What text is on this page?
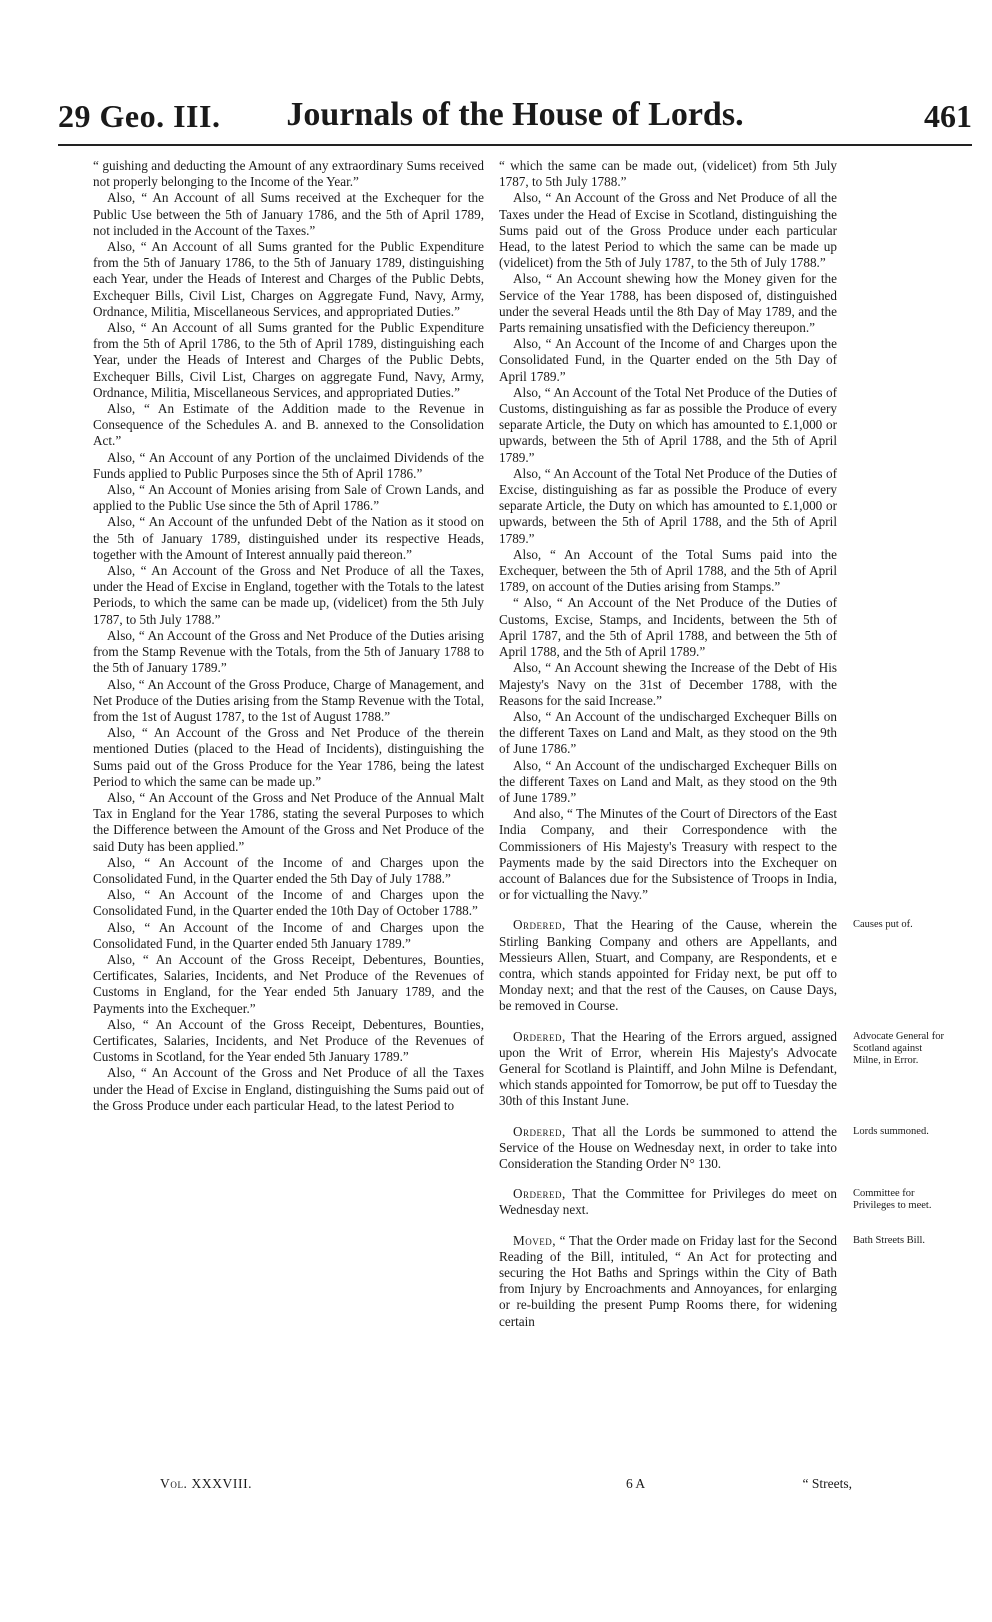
29 Geo. III.	Journals of the House of Lords.	461

“ guishing and deducting the Amount of any extraordinary Sums received not properly belonging to the Income of the Year.”

Also, “ An Account of all Sums received at the Exchequer for the Public Use between the 5th of January 1786, and the 5th of April 1789, not included in the Account of the Taxes.”

Also, “ An Account of all Sums granted for the Public Expenditure from the 5th of January 1786, to the 5th of January 1789, distinguishing each Year, under the Heads of Interest and Charges of the Public Debts, Exchequer Bills, Civil List, Charges on Aggregate Fund, Navy, Army, Ordnance, Militia, Miscellaneous Services, and appropriated Duties.”

Also, “ An Account of all Sums granted for the Public Expenditure from the 5th of April 1786, to the 5th of April 1789, distinguishing each Year, under the Heads of Interest and Charges of the Public Debts, Exchequer Bills, Civil List, Charges on aggregate Fund, Navy, Army, Ordnance, Militia, Miscellaneous Services, and appropriated Duties.”

Also, “ An Estimate of the Addition made to the Revenue in Consequence of the Schedules A. and B. annexed to the Consolidation Act.”

Also, “ An Account of any Portion of the unclaimed Dividends of the Funds applied to Public Purposes since the 5th of April 1786.”

Also, “ An Account of Monies arising from Sale of Crown Lands, and applied to the Public Use since the 5th of April 1786.”

Also, “ An Account of the unfunded Debt of the Nation as it stood on the 5th of January 1789, distinguished under its respective Heads, together with the Amount of Interest annually paid thereon.”

Also, “ An Account of the Gross and Net Produce of all the Taxes, under the Head of Excise in England, together with the Totals to the latest Periods, to which the same can be made up, (videlicet) from the 5th July 1787, to 5th July 1788.”

Also, “ An Account of the Gross and Net Produce of the Duties arising from the Stamp Revenue with the Totals, from the 5th of January 1788 to the 5th of January 1789.”

Also, “ An Account of the Gross Produce, Charge of Management, and Net Produce of the Duties arising from the Stamp Revenue with the Total, from the 1st of August 1787, to the 1st of August 1788.”

Also, “ An Account of the Gross and Net Produce of the therein mentioned Duties (placed to the Head of Incidents), distinguishing the Sums paid out of the Gross Produce for the Year 1786, being the latest Period to which the same can be made up.”

Also, “ An Account of the Gross and Net Produce of the Annual Malt Tax in England for the Year 1786, stating the several Purposes to which the Difference between the Amount of the Gross and Net Produce of the said Duty has been applied.”

Also, “ An Account of the Income of and Charges upon the Consolidated Fund, in the Quarter ended the 5th Day of July 1788.”

Also, “ An Account of the Income of and Charges upon the Consolidated Fund, in the Quarter ended the 10th Day of October 1788.”

Also, “ An Account of the Income of and Charges upon the Consolidated Fund, in the Quarter ended 5th January 1789.”

Also, “ An Account of the Gross Receipt, Debentures, Bounties, Certificates, Salaries, Incidents, and Net Produce of the Revenues of Customs in England, for the Year ended 5th January 1789, and the Payments into the Exchequer.”

Also, “ An Account of the Gross Receipt, Debentures, Bounties, Certificates, Salaries, Incidents, and Net Produce of the Revenues of Customs in Scotland, for the Year ended 5th January 1789.”

Also, “ An Account of the Gross and Net Produce of all the Taxes under the Head of Excise in England, distinguishing the Sums paid out of the Gross Produce under each particular Head, to the latest Period to

“ which the same can be made out, (videlicet) from 5th July 1787, to 5th July 1788.”

Also, “ An Account of the Gross and Net Produce of all the Taxes under the Head of Excise in Scotland, distinguishing the Sums paid out of the Gross Produce under each particular Head, to the latest Period to which the same can be made up (videlicet) from the 5th of July 1787, to the 5th of July 1788.”

Also, “ An Account shewing how the Money given for the Service of the Year 1788, has been disposed of, distinguished under the several Heads until the 8th Day of May 1789, and the Parts remaining unsatisfied with the Deficiency thereupon.”

Also, “ An Account of the Income of and Charges upon the Consolidated Fund, in the Quarter ended on the 5th Day of April 1789.”

Also, “ An Account of the Total Net Produce of the Duties of Customs, distinguishing as far as possible the Produce of every separate Article, the Duty on which has amounted to £.1,000 or upwards, between the 5th of April 1788, and the 5th of April 1789.”

Also, “ An Account of the Total Net Produce of the Duties of Excise, distinguishing as far as possible the Produce of every separate Article, the Duty on which has amounted to £.1,000 or upwards, between the 5th of April 1788, and the 5th of April 1789.”

Also, “ An Account of the Total Sums paid into the Exchequer, between the 5th of April 1788, and the 5th of April 1789, on account of the Duties arising from Stamps.”

“ Also, “ An Account of the Net Produce of the Duties of Customs, Excise, Stamps, and Incidents, between the 5th of April 1787, and the 5th of April 1788, and between the 5th of April 1788, and the 5th of April 1789.”

Also, “ An Account shewing the Increase of the Debt of His Majesty's Navy on the 31st of December 1788, with the Reasons for the said Increase.”

Also, “ An Account of the undischarged Exchequer Bills on the different Taxes on Land and Malt, as they stood on the 9th of June 1786.”

Also, “ An Account of the undischarged Exchequer Bills on the different Taxes on Land and Malt, as they stood on the 9th of June 1789.”

And also, “ The Minutes of the Court of Directors of the East India Company, and their Correspondence with the Commissioners of His Majesty's Treasury with respect to the Payments made by the said Directors into the Exchequer on account of Balances due for the Subsistence of Troops in India, or for victualling the Navy.”

Ordered, That the Hearing of the Cause, wherein the Stirling Banking Company and others are Appellants, and Messieurs Allen, Stuart, and Company, are Respondents, et e contra, which stands appointed for Friday next, be put off to Monday next; and that the rest of the Causes, on Cause Days, be removed in Course.

Ordered, That the Hearing of the Errors argued, assigned upon the Writ of Error, wherein His Majesty's Advocate General for Scotland is Plaintiff, and John Milne is Defendant, which stands appointed for Tomorrow, be put off to Tuesday the 30th of this Instant June.

Ordered, That all the Lords be summoned to attend the Service of the House on Wednesday next, in order to take into Consideration the Standing Order N° 130.

Ordered, That the Committee for Privileges do meet on Wednesday next.

Moved, “ That the Order made on Friday last for the Second Reading of the Bill, intituled, “ An Act for protecting and securing the Hot Baths and Springs within the City of Bath from Injury by Encroachments and Annoyances, for enlarging or re-building the present Pump Rooms there, for widening certain

Causes put of.
Advocate General for Scotland against Milne, in Error.
Lords summoned.
Committee for Privileges to meet.
Bath Streets Bill.
Vol. XXXVIII.	6 A	“ Streets,
